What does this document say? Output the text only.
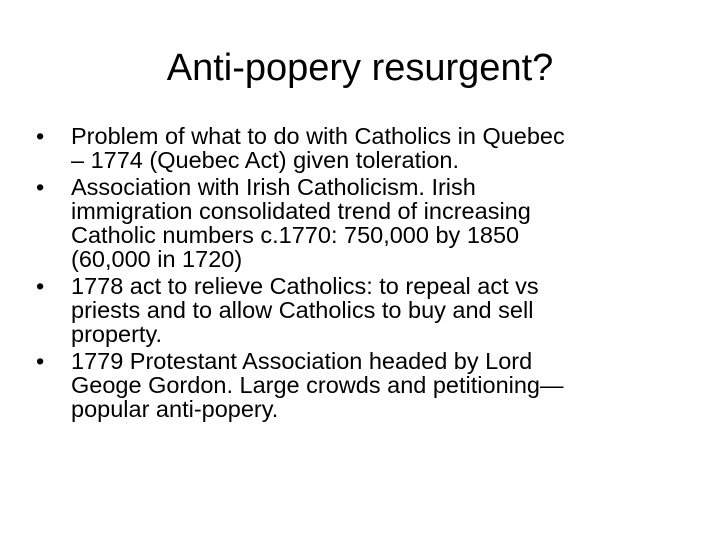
Anti-popery resurgent?
• Problem of what to do with Catholics in Quebec
– 1774 (Quebec Act) given toleration.
• Association with Irish Catholicism. Irish
immigration consolidated trend of increasing
Catholic numbers c.1770: 750,000 by 1850
(60,000 in 1720)
• 1778 act to relieve Catholics: to repeal act vs
priests and to allow Catholics to buy and sell
property.
• 1779 Protestant Association headed by Lord
Geoge Gordon. Large crowds and petitioning—
popular anti-popery.
